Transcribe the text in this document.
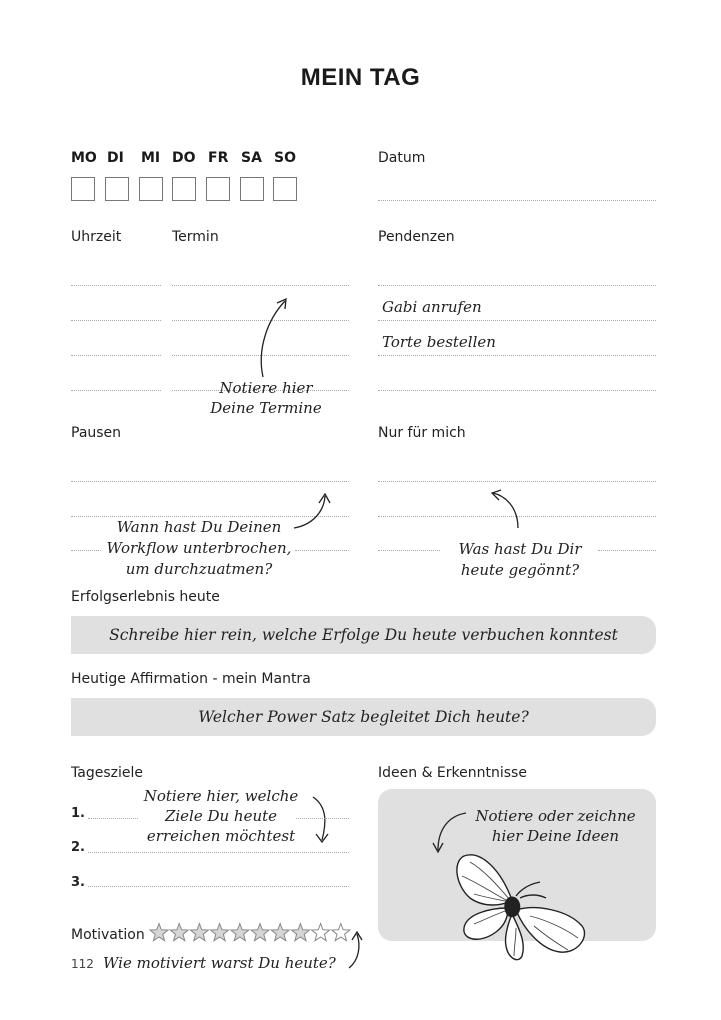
MEIN TAG
MO DI MI DO FR SA SO	Datum
Uhrzeit	Termin	Pendenzen
Gabi anrufen
Torte bestellen
Notiere hier
Deine Termine
Pausen	Nur für mich
Wann hast Du Deinen
Workflow unterbrochen,
um durchzuatmen?
Was hast Du Dir
heute gegönnt?
Erfolgserlebnis heute
Schreibe hier rein, welche Erfolge Du heute verbuchen konntest
Heutige Affirmation - mein Mantra
Welcher Power Satz begleitet Dich heute?
Tagesziele
Notiere hier, welche
Ziele Du heute
erreichen möchtest
1.
2.
3.
Ideen & Erkenntnisse
Notiere oder zeichne
hier Deine Ideen
Motivation
112 Wie motiviert warst Du heute?
